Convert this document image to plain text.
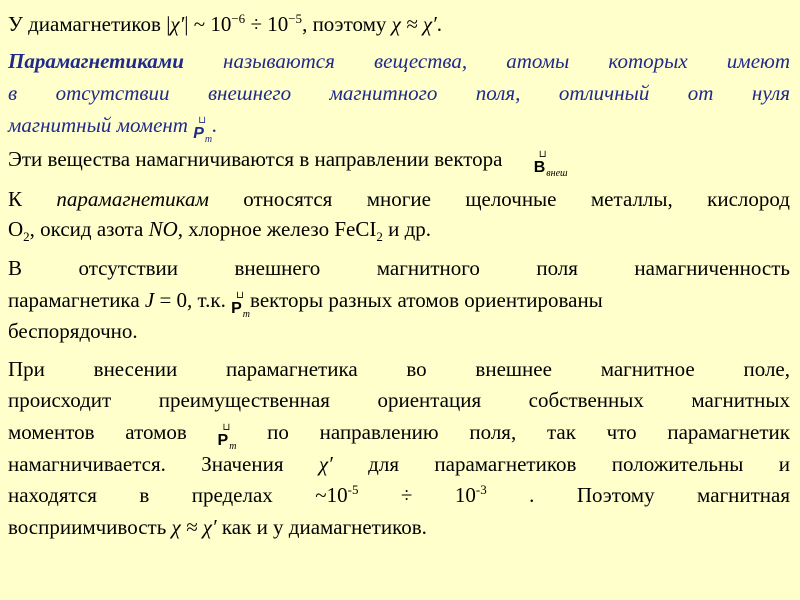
У диамагнетиков |χ′| ~ $10^{-6} \div 10^{-5}$, поэтому χ ≈ χ′.
Парамагнетиками называются вещества, атомы которых имеют
в отсутствии внешнего магнитного поля, отличный от нуля
магнитный момент ⊔
$P_m$.
Эти вещества намагничиваются в направлении вектора	⊔
$B_{внеш}$
К парамагнетикам относятся многие щелочные металлы, кислород
$O_2$, оксид азота NO, хлорное железо FeCI$_2$ и др.
В отсутствии внешнего магнитного поля намагниченность
парамагнетика J = 0, т.к. ⊔
$P_mвекторы$ разных атомов ориентированы
беспорядочно.
При внесении парамагнетика во внешнее магнитное поле,
происходит преимущественная ориентация собственных магнитных
моментов атомов ⊔
$P_m$ по направлению поля, так что парамагнетик
намагничивается. Значения χ′ для парамагнетиков положительны и
находятся в пределах $\sim 10^{-5} \div 10^{-3}$ . Поэтому магнитная
восприимчивость χ ≈ χ′ как и у диамагнетиков.
